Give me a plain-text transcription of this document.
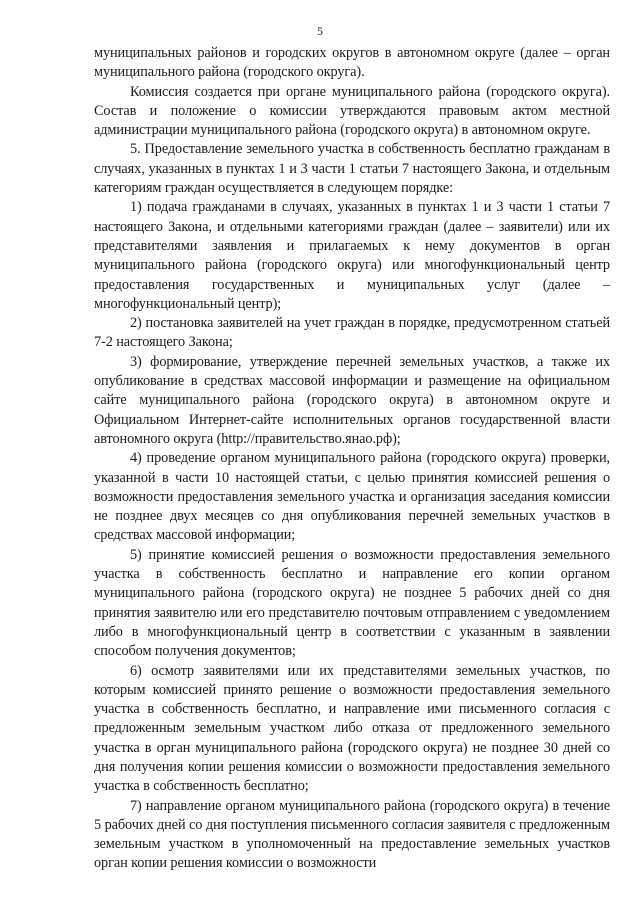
5

муниципальных районов и городских округов в автономном округе (далее – орган муниципального района (городского округа).

Комиссия создается при органе муниципального района (городского округа). Состав и положение о комиссии утверждаются правовым актом местной администрации муниципального района (городского округа) в автономном округе.

5. Предоставление земельного участка в собственность бесплатно гражданам в случаях, указанных в пунктах 1 и 3 части 1 статьи 7 настоящего Закона, и отдельным категориям граждан осуществляется в следующем порядке:

1) подача гражданами в случаях, указанных в пунктах 1 и 3 части 1 статьи 7 настоящего Закона, и отдельными категориями граждан (далее – заявители) или их представителями заявления и прилагаемых к нему документов в орган муниципального района (городского округа) или многофункциональный центр предоставления государственных и муниципальных услуг (далее – многофункциональный центр);

2) постановка заявителей на учет граждан в порядке, предусмотренном статьей 7-2 настоящего Закона;

3) формирование, утверждение перечней земельных участков, а также их опубликование в средствах массовой информации и размещение на официальном сайте муниципального района (городского округа) в автономном округе и Официальном Интернет-сайте исполнительных органов государственной власти автономного округа (http://правительство.янао.рф);

4) проведение органом муниципального района (городского округа) проверки, указанной в части 10 настоящей статьи, с целью принятия комиссией решения о возможности предоставления земельного участка и организация заседания комиссии не позднее двух месяцев со дня опубликования перечней земельных участков в средствах массовой информации;

5) принятие комиссией решения о возможности предоставления земельного участка в собственность бесплатно и направление его копии органом муниципального района (городского округа) не позднее 5 рабочих дней со дня принятия заявителю или его представителю почтовым отправлением с уведомлением либо в многофункциональный центр в соответствии с указанным в заявлении способом получения документов;

6) осмотр заявителями или их представителями земельных участков, по которым комиссией принято решение о возможности предоставления земельного участка в собственность бесплатно, и направление ими письменного согласия с предложенным земельным участком либо отказа от предложенного земельного участка в орган муниципального района (городского округа) не позднее 30 дней со дня получения копии решения комиссии о возможности предоставления земельного участка в собственность бесплатно;

7) направление органом муниципального района (городского округа) в течение 5 рабочих дней со дня поступления письменного согласия заявителя с предложенным земельным участком в уполномоченный на предоставление земельных участков орган копии решения комиссии о возможности
